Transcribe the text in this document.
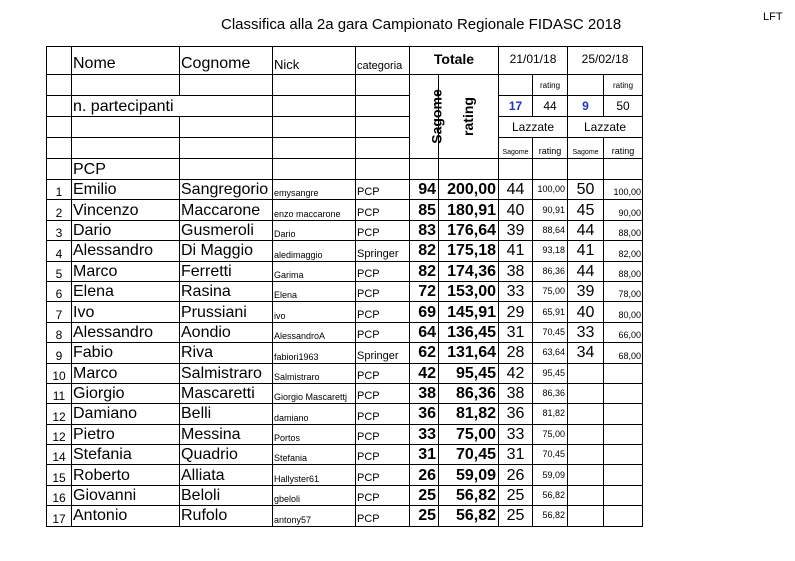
LFT
Classifica alla 2a gara Campionato Regionale FIDASC 2018
	Nome	Cognome	Nick	categoria	Totale		21/01/18		25/02/18	
					Sagome	rating		rating		rating
	n. partecipanti						17	44	9	50
							Lazzate		Lazzate	
							Sagome	rating	Sagome	rating
	PCP									
1	Emilio	Sangregorio	emysangre	PCP	94	200,00	44	100,00	50	100,00
2	Vincenzo	Maccarone	enzo maccarone	PCP	85	180,91	40	90,91	45	90,00
3	Dario	Gusmeroli	Dario	PCP	83	176,64	39	88,64	44	88,00
4	Alessandro	Di Maggio	aledimaggio	Springer	82	175,18	41	93,18	41	82,00
5	Marco	Ferretti	Garima	PCP	82	174,36	38	86,36	44	88,00
6	Elena	Rasina	Elena	PCP	72	153,00	33	75,00	39	78,00
7	Ivo	Prussiani	ivo	PCP	69	145,91	29	65,91	40	80,00
8	Alessandro	Aondio	AlessandroA	PCP	64	136,45	31	70,45	33	66,00
9	Fabio	Riva	fabiori1963	Springer	62	131,64	28	63,64	34	68,00
10	Marco	Salmistraro	Salmistraro	PCP	42	95,45	42	95,45		
11	Giorgio	Mascaretti	Giorgio Mascarettj	PCP	38	86,36	38	86,36		
12	Damiano	Belli	damiano	PCP	36	81,82	36	81,82		
12	Pietro	Messina	Portos	PCP	33	75,00	33	75,00		
14	Stefania	Quadrio	Stefania	PCP	31	70,45	31	70,45		
15	Roberto	Alliata	Hallyster61	PCP	26	59,09	26	59,09		
16	Giovanni	Beloli	gbeloli	PCP	25	56,82	25	56,82		
17	Antonio	Rufolo	antony57	PCP	25	56,82	25	56,82		
